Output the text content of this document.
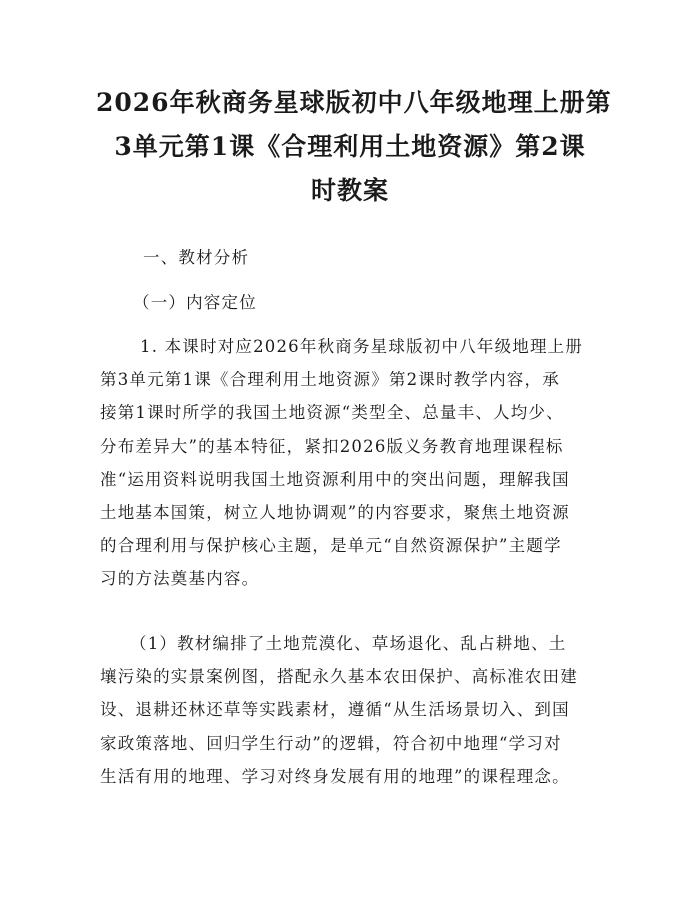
2026年秋商务星球版初中八年级地理上册第
3单元第1课《合理利用土地资源》第2课
时教案
一、教材分析
（一）内容定位

1. 本课时对应2026年秋商务星球版初中八年级地理上册
第3单元第1课《合理利用土地资源》第2课时教学内容，承
接第1课时所学的我国土地资源“类型全、总量丰、人均少、
分布差异大”的基本特征，紧扣2026版义务教育地理课程标
准“运用资料说明我国土地资源利用中的突出问题，理解我国
土地基本国策，树立人地协调观”的内容要求，聚焦土地资源
的合理利用与保护核心主题，是单元“自然资源保护”主题学
习的方法奠基内容。

（1）教材编排了土地荒漠化、草场退化、乱占耕地、土
壤污染的实景案例图，搭配永久基本农田保护、高标准农田建
设、退耕还林还草等实践素材，遵循“从生活场景切入、到国
家政策落地、回归学生行动”的逻辑，符合初中地理“学习对
生活有用的地理、学习对终身发展有用的地理”的课程理念。
